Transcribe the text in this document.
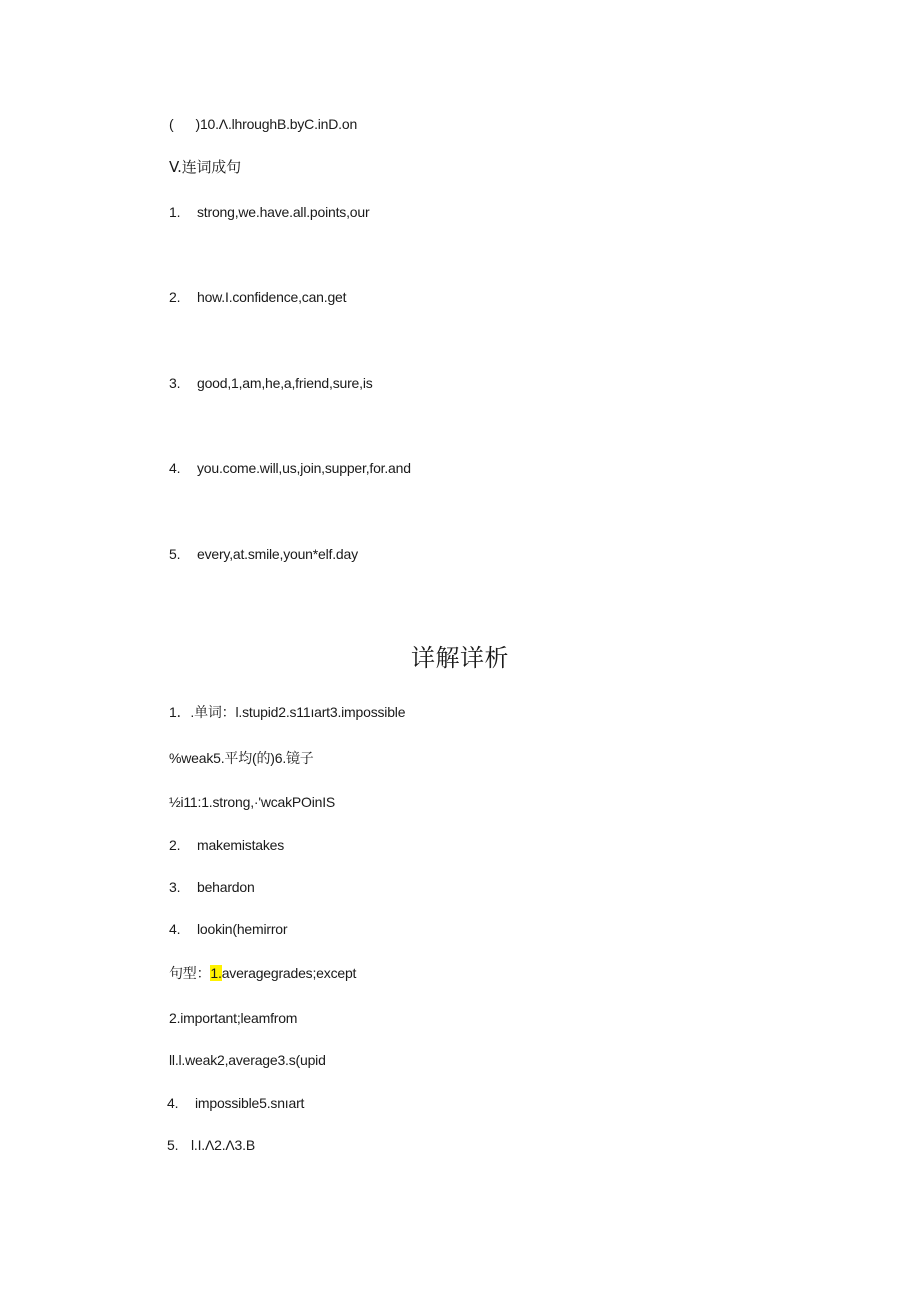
( )10.Λ.lhroughB.byC.inD.on
V.连词成句
1. strong,we.have.all.points,our
2. how.I.confidence,can.get
3. good,1,am,he,a,friend,sure,is
4. you.come.will,us,join,supper,for.and
5. every,at.smile,youn*elf.day
详解详析
1．.单词：l.stupid2.s11ıart3.impossible
%weak5.平均(的)6.镜子
½i11:1.strong,·'wcakPOinIS
2. makemistakes
3. behardon
4. lookin(hemirror
句型：1.averagegrades;except
2.important;leamfrom
ll.l.weak2,average3.s(upid
4. impossible5.snıart
5. l.I.Λ2.Λ3.B
